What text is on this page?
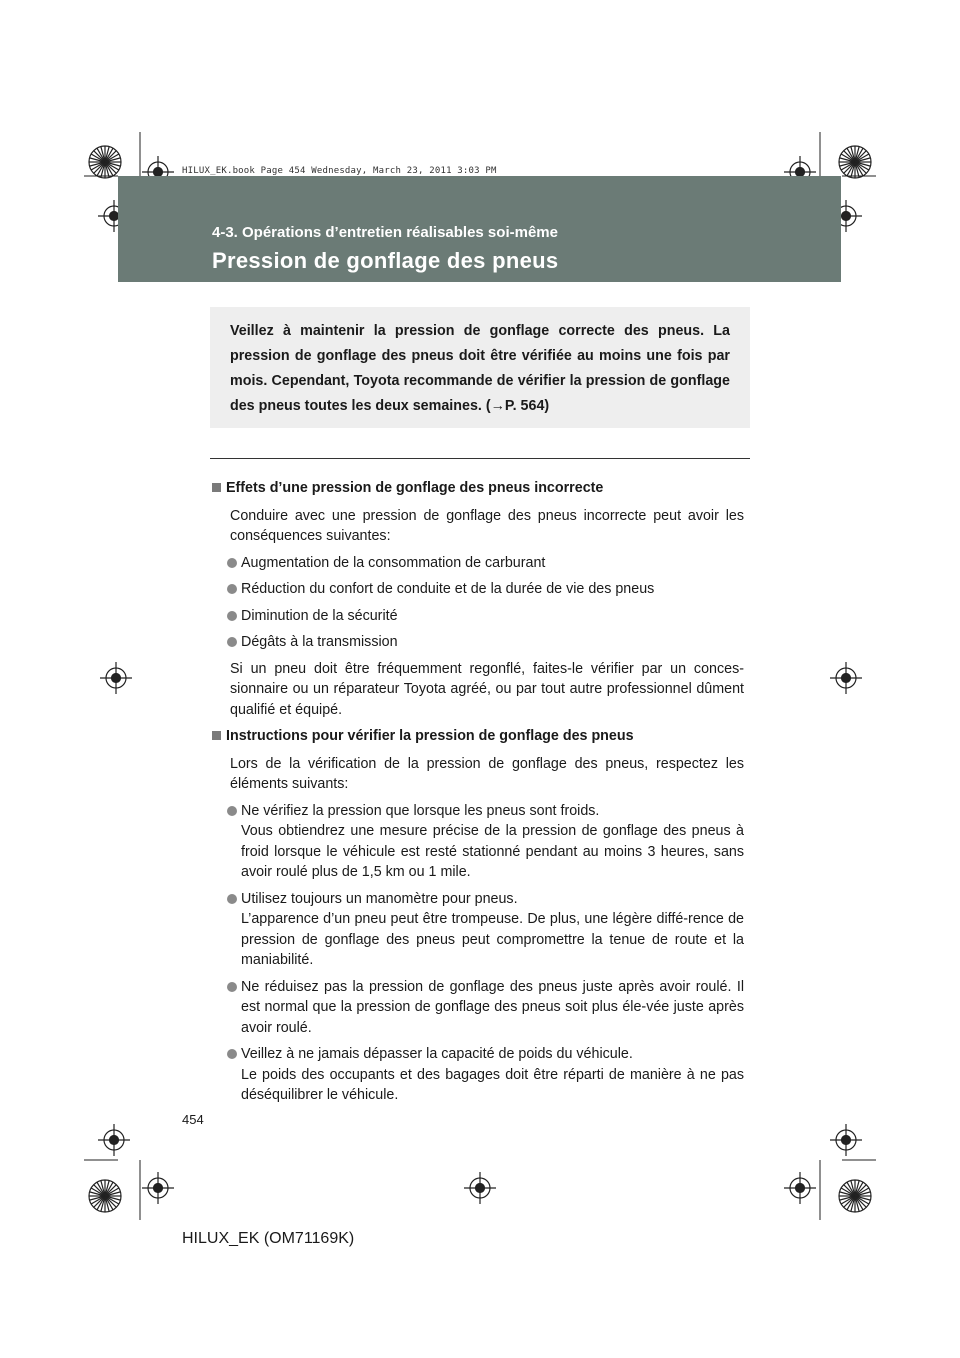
HILUX_EK.book Page 454 Wednesday, March 23, 2011 3:03 PM
4-3. Opérations d’entretien réalisables soi-même
Pression de gonflage des pneus
Veillez à maintenir la pression de gonflage correcte des pneus. La pression de gonflage des pneus doit être vérifiée au moins une fois par mois. Cependant, Toyota recommande de vérifier la pression de gonflage des pneus toutes les deux semaines. (→P. 564)
Effets d’une pression de gonflage des pneus incorrecte
Conduire avec une pression de gonflage des pneus incorrecte peut avoir les conséquences suivantes:
Augmentation de la consommation de carburant
Réduction du confort de conduite et de la durée de vie des pneus
Diminution de la sécurité
Dégâts à la transmission
Si un pneu doit être fréquemment regonflé, faites-le vérifier par un conces-sionnaire ou un réparateur Toyota agréé, ou par tout autre professionnel dûment qualifié et équipé.
Instructions pour vérifier la pression de gonflage des pneus
Lors de la vérification de la pression de gonflage des pneus, respectez les éléments suivants:
Ne vérifiez la pression que lorsque les pneus sont froids.
Vous obtiendrez une mesure précise de la pression de gonflage des pneus à froid lorsque le véhicule est resté stationné pendant au moins 3 heures, sans avoir roulé plus de 1,5 km ou 1 mile.
Utilisez toujours un manomètre pour pneus.
L’apparence d’un pneu peut être trompeuse. De plus, une légère diffé-rence de pression de gonflage des pneus peut compromettre la tenue de route et la maniabilité.
Ne réduisez pas la pression de gonflage des pneus juste après avoir roulé. Il est normal que la pression de gonflage des pneus soit plus éle-vée juste après avoir roulé.
Veillez à ne jamais dépasser la capacité de poids du véhicule.
Le poids des occupants et des bagages doit être réparti de manière à ne pas déséquilibrer le véhicule.
454
HILUX_EK (OM71169K)
